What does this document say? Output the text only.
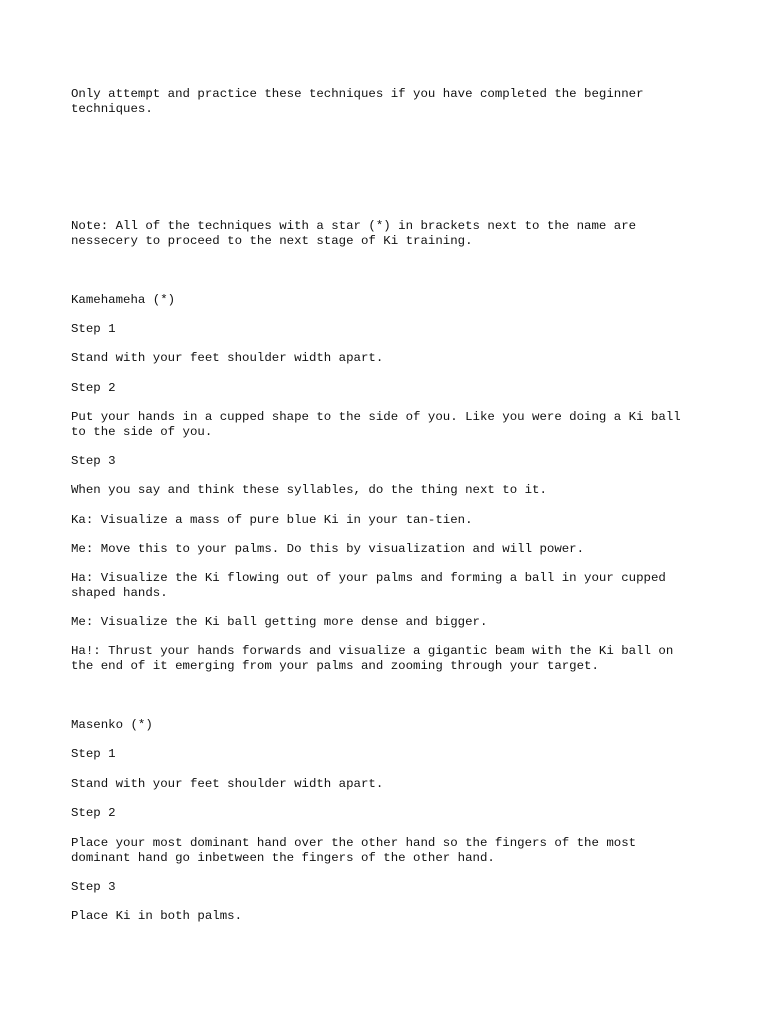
Only attempt and practice these techniques if you have completed the beginner

techniques.

Note: All of the techniques with a star (*) in brackets next to the name are

nessecery to proceed to the next stage of Ki training.

Kamehameha (*)

Step 1

Stand with your feet shoulder width apart.

Step 2

Put your hands in a cupped shape to the side of you. Like you were doing a Ki ball

to the side of you.

Step 3

When you say and think these syllables, do the thing next to it.

Ka: Visualize a mass of pure blue Ki in your tan-tien.

Me: Move this to your palms. Do this by visualization and will power.

Ha: Visualize the Ki flowing out of your palms and forming a ball in your cupped

shaped hands.

Me: Visualize the Ki ball getting more dense and bigger.

Ha!: Thrust your hands forwards and visualize a gigantic beam with the Ki ball on

the end of it emerging from your palms and zooming through your target.

Masenko (*)

Step 1

Stand with your feet shoulder width apart.

Step 2

Place your most dominant hand over the other hand so the fingers of the most

dominant hand go inbetween the fingers of the other hand.

Step 3

Place Ki in both palms.
